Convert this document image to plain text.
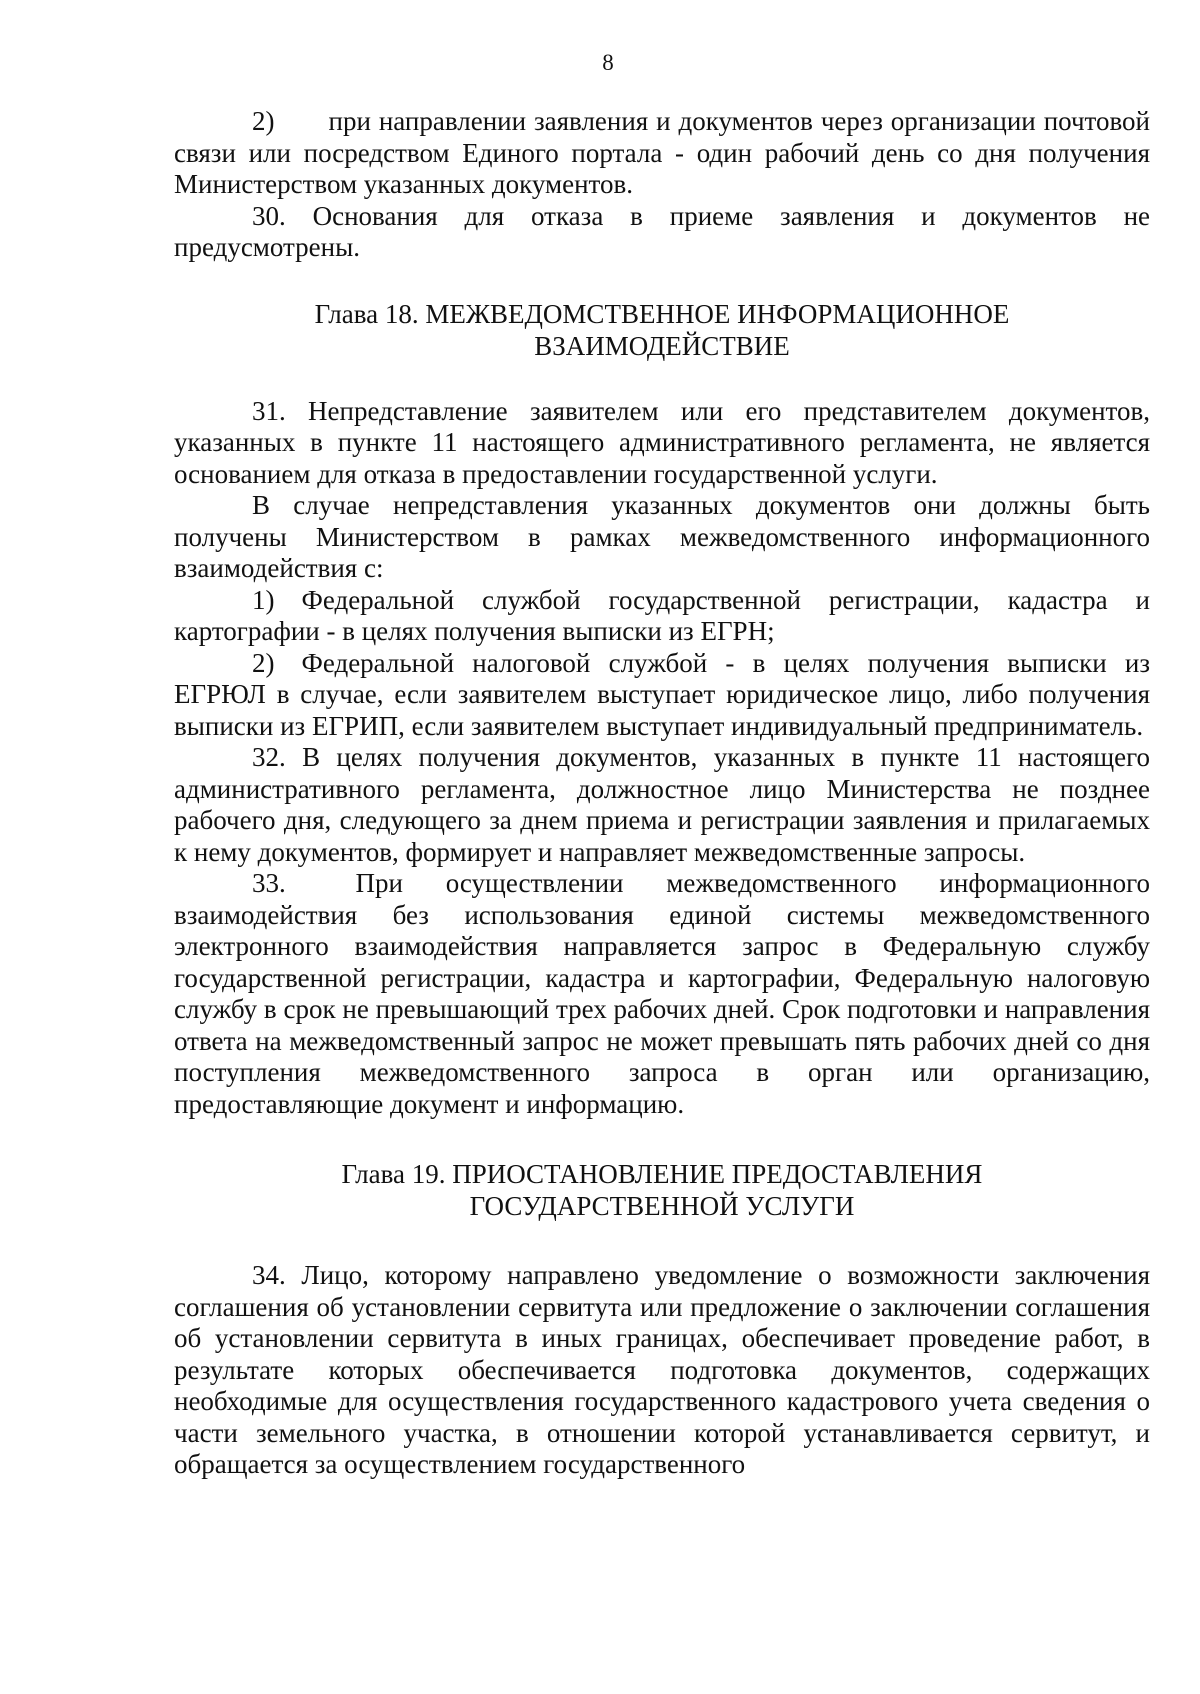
8

2)  при направлении заявления и документов через организации почтовой связи или посредством Единого портала - один рабочий день со дня получения Министерством указанных документов.

30. Основания для отказа в приеме заявления и документов не предусмотрены.

Глава 18. МЕЖВЕДОМСТВЕННОЕ ИНФОРМАЦИОННОЕ
ВЗАИМОДЕЙСТВИЕ

31. Непредставление заявителем или его представителем документов, указанных в пункте 11 настоящего административного регламента, не является основанием для отказа в предоставлении государственной услуги.

В случае непредставления указанных документов они должны быть получены Министерством в рамках межведомственного информационного взаимодействия с:

1) Федеральной службой государственной регистрации, кадастра и картографии - в целях получения выписки из ЕГРН;

2) Федеральной налоговой службой - в целях получения выписки из ЕГРЮЛ в случае, если заявителем выступает юридическое лицо, либо получения выписки из ЕГРИП, если заявителем выступает индивидуальный предприниматель.

32. В целях получения документов, указанных в пункте 11 настоящего административного регламента, должностное лицо Министерства не позднее рабочего дня, следующего за днем приема и регистрации заявления и прилагаемых к нему документов, формирует и направляет межведомственные запросы.

33.  При осуществлении межведомственного информационного взаимодействия без использования единой системы межведомственного электронного взаимодействия направляется запрос в Федеральную службу государственной регистрации, кадастра и картографии, Федеральную налоговую службу в срок не превышающий трех рабочих дней. Срок подготовки и направления ответа на межведомственный запрос не может превышать пять рабочих дней со дня поступления межведомственного запроса в орган или организацию, предоставляющие документ и информацию.

Глава 19. ПРИОСТАНОВЛЕНИЕ ПРЕДОСТАВЛЕНИЯ
ГОСУДАРСТВЕННОЙ УСЛУГИ

34. Лицо, которому направлено уведомление о возможности заключения соглашения об установлении сервитута или предложение о заключении соглашения об установлении сервитута в иных границах, обеспечивает проведение работ, в результате которых обеспечивается подготовка документов, содержащих необходимые для осуществления государственного кадастрового учета сведения о части земельного участка, в отношении которой устанавливается сервитут, и обращается за осуществлением государственного
